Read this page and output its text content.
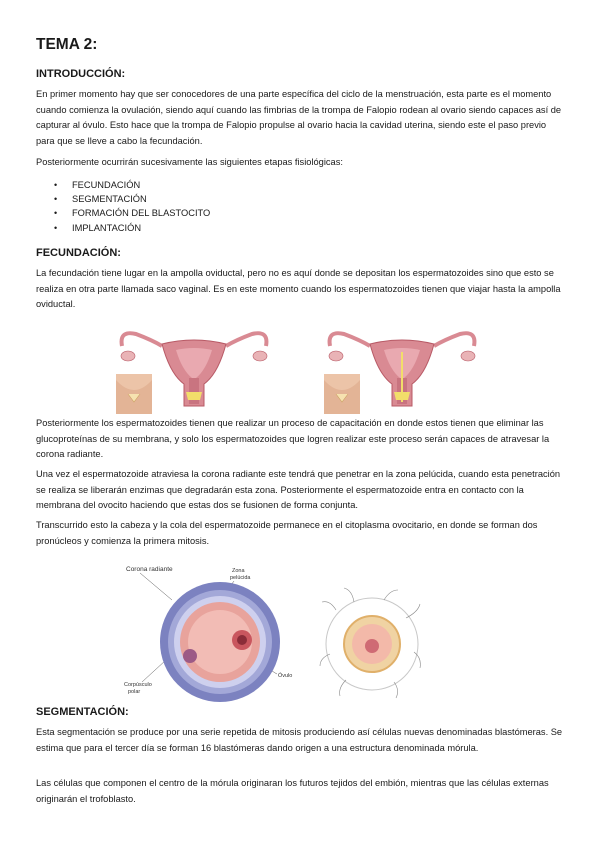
TEMA 2:
INTRODUCCIÓN:

En primer momento hay que ser conocedores de una parte específica del ciclo de la menstruación, esta parte es el momento cuando comienza la ovulación, siendo aquí cuando las fimbrias de la trompa de Falopio rodean al ovario siendo capaces así de capturar al óvulo. Esto hace que la trompa de Falopio propulse al ovario hacia la cavidad uterina, siendo este el paso previo para que se lleve a cabo la fecundación.

Posteriormente ocurrirán sucesivamente las siguientes etapas fisiológicas:

• FECUNDACIÓN
• SEGMENTACIÓN
• FORMACIÓN DEL BLASTOCITO
• IMPLANTACIÓN
FECUNDACIÓN:

La fecundación tiene lugar en la ampolla oviductal, pero no es aquí donde se depositan los espermatozoides sino que esto se realiza en otra parte llamada saco vaginal. Es en este momento cuando los espermatozoides tienen que viajar hasta la ampolla oviductal.

Posteriormente los espermatozoides tienen que realizar un proceso de capacitación en donde estos tienen que eliminar las glucoproteínas de su membrana, y solo los espermatozoides que logren realizar este proceso serán capaces de atravesar la corona radiante.

Una vez el espermatozoide atraviesa la corona radiante este tendrá que penetrar en la zona pelúcida, cuando esta penetración se realiza se liberarán enzimas que degradarán esta zona. Posteriormente el espermatozoide entra en contacto con la membrana del ovocito haciendo que estas dos se fusionen de forma conjunta.

Transcurrido esto la cabeza y la cola del espermatozoide permanece en el citoplasma ovocitario, en donde se forman dos pronúcleos y comienza la primera mitosis.

Corona radiante	Zona
pelúcida
Corpúsculo
polar
Óvulo
SEGMENTACIÓN:

Esta segmentación se produce por una serie repetida de mitosis produciendo así células nuevas denominadas blastómeras. Se estima que para el tercer día se forman 16 blastómeras dando origen a una estructura denominada mórula.

Las células que componen el centro de la mórula originaran los futuros tejidos del embión, mientras que las células externas originarán el trofoblasto.
